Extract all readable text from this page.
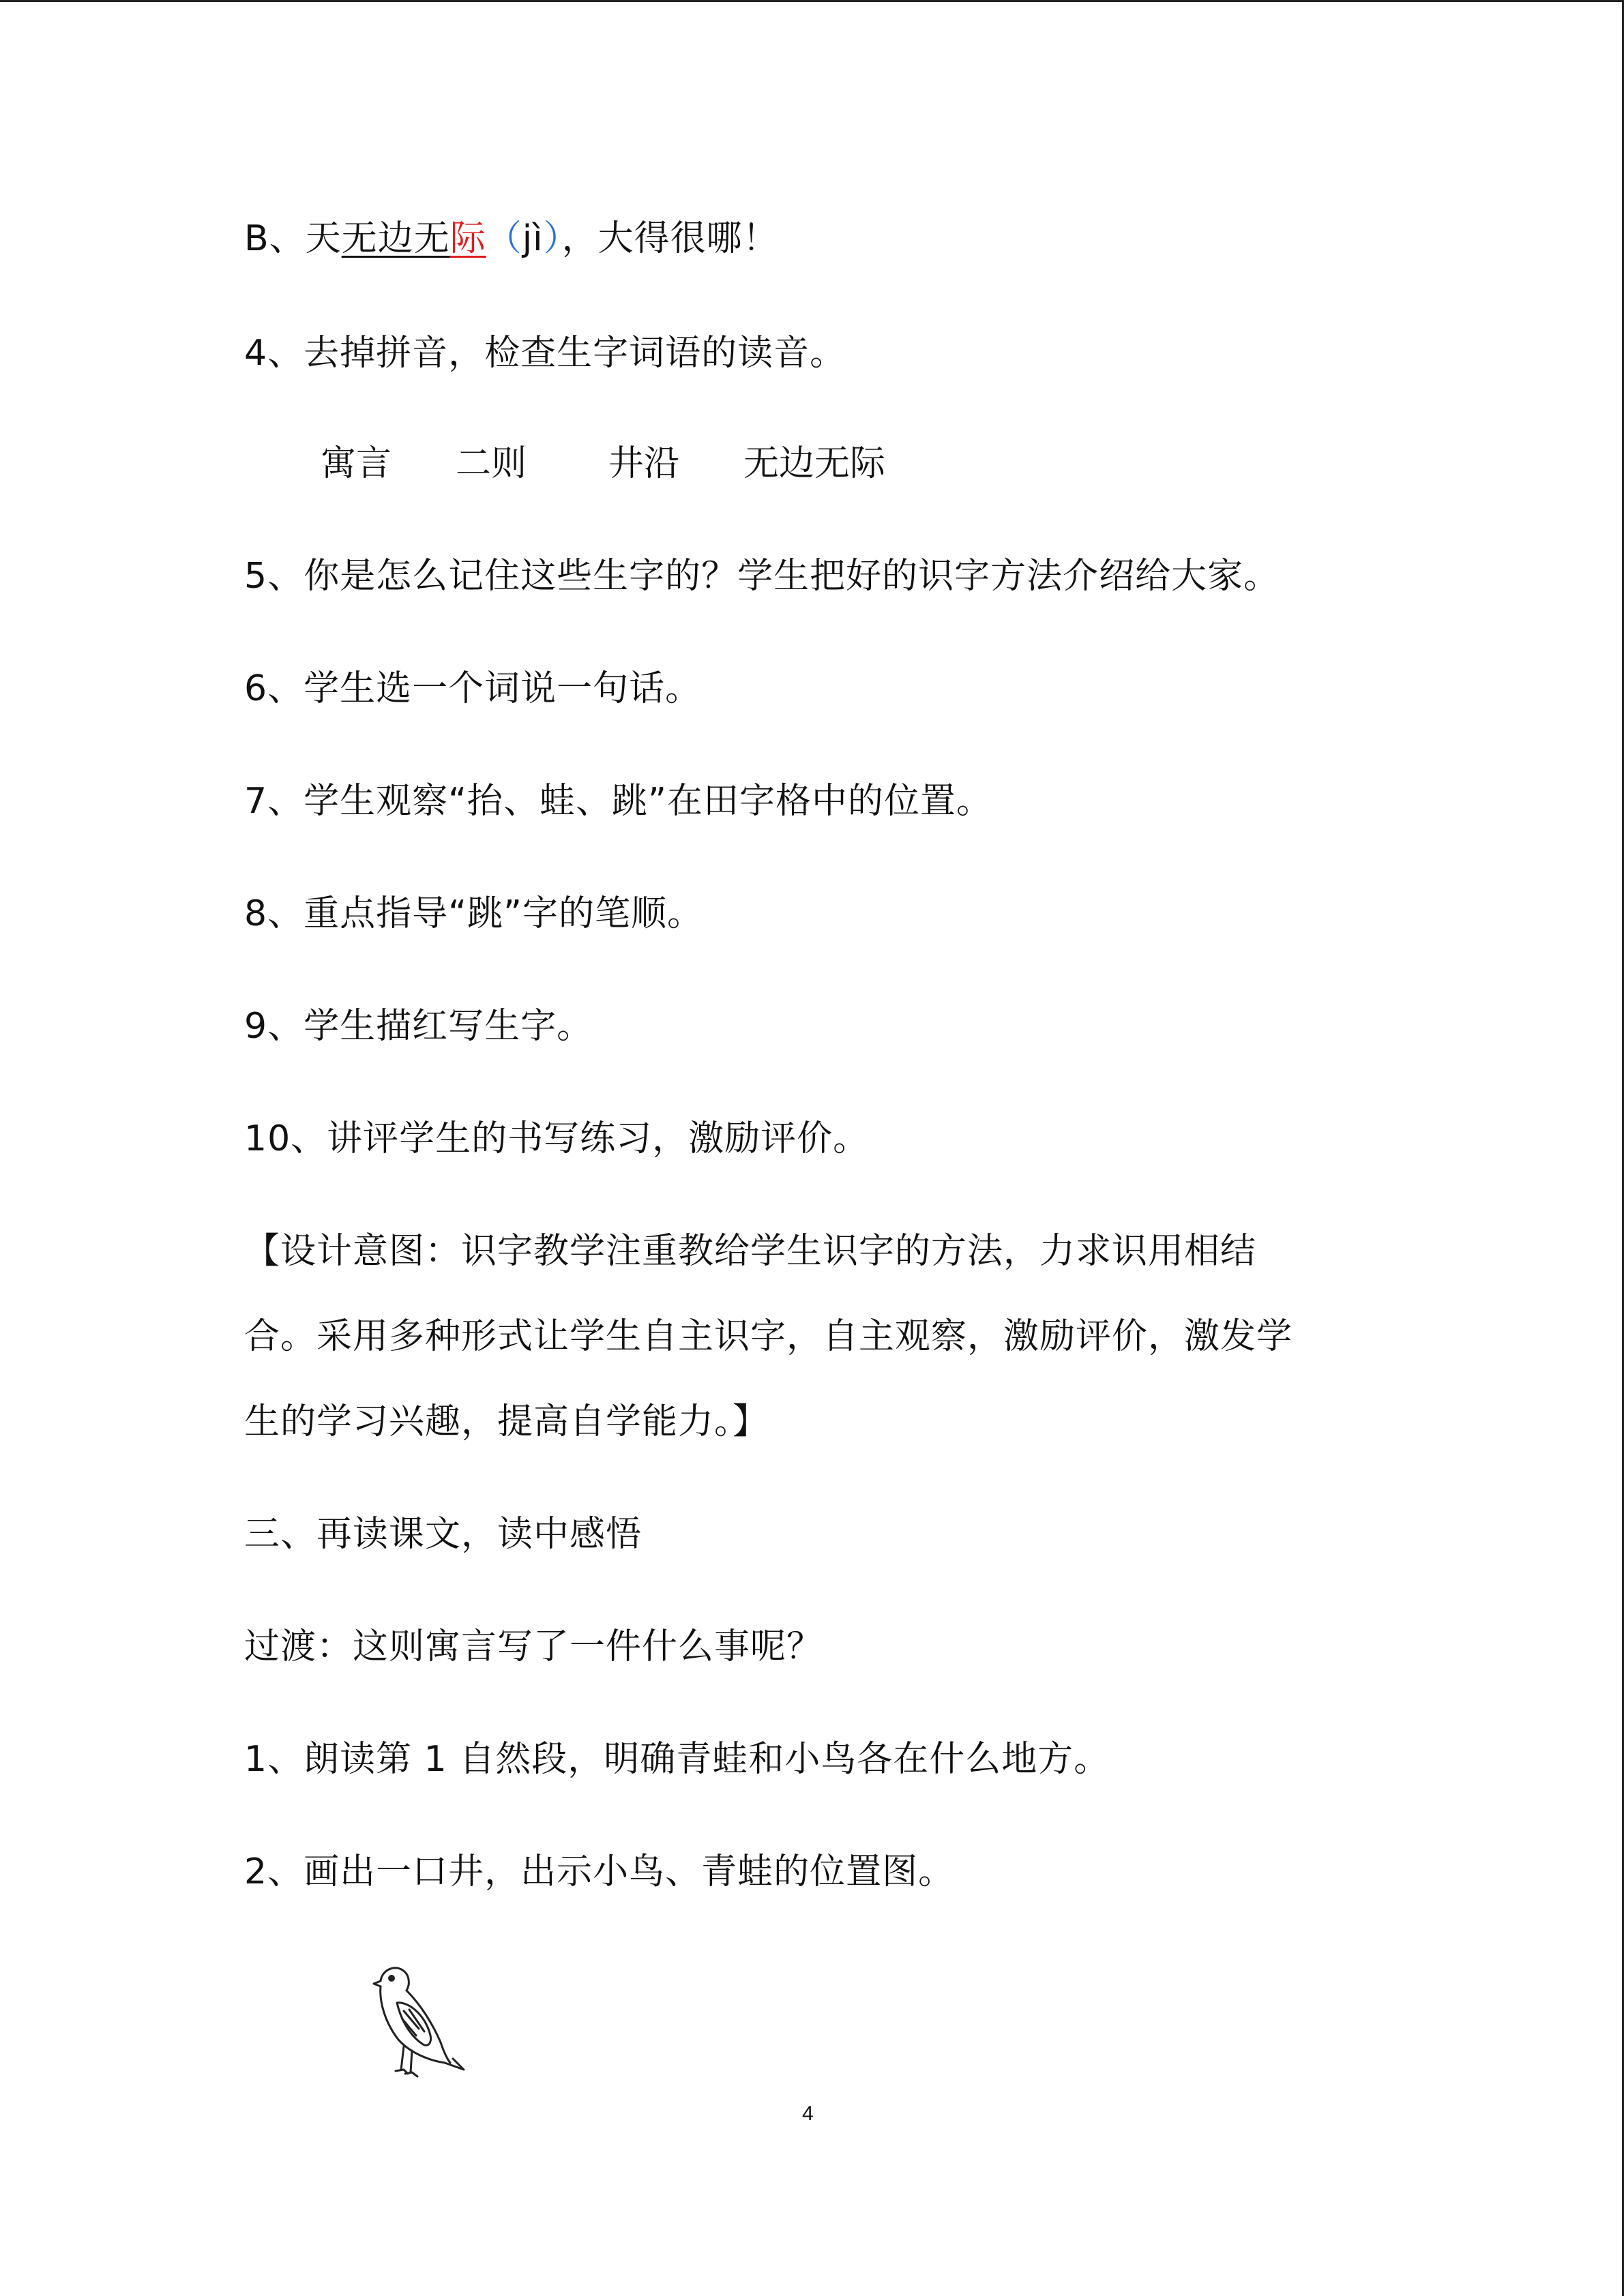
B、天无边无际（jì），大得很哪！
4、去掉拼音，检查生字词语的读音。
寓言 二则 井沿 无边无际
5、你是怎么记住这些生字的？学生把好的识字方法介绍给大家。
6、学生选一个词说一句话。
7、学生观察“抬、蛙、跳”在田字格中的位置。
8、重点指导“跳”字的笔顺。
9、学生描红写生字。
10、讲评学生的书写练习，激励评价。
【设计意图：识字教学注重教给学生识字的方法，力求识用相结
合。采用多种形式让学生自主识字，自主观察，激励评价，激发学
生的学习兴趣，提高自学能力。】
三、再读课文，读中感悟
过渡：这则寓言写了一件什么事呢？
1、朗读第 1 自然段，明确青蛙和小鸟各在什么地方。
2、画出一口井，出示小鸟、青蛙的位置图。
4
